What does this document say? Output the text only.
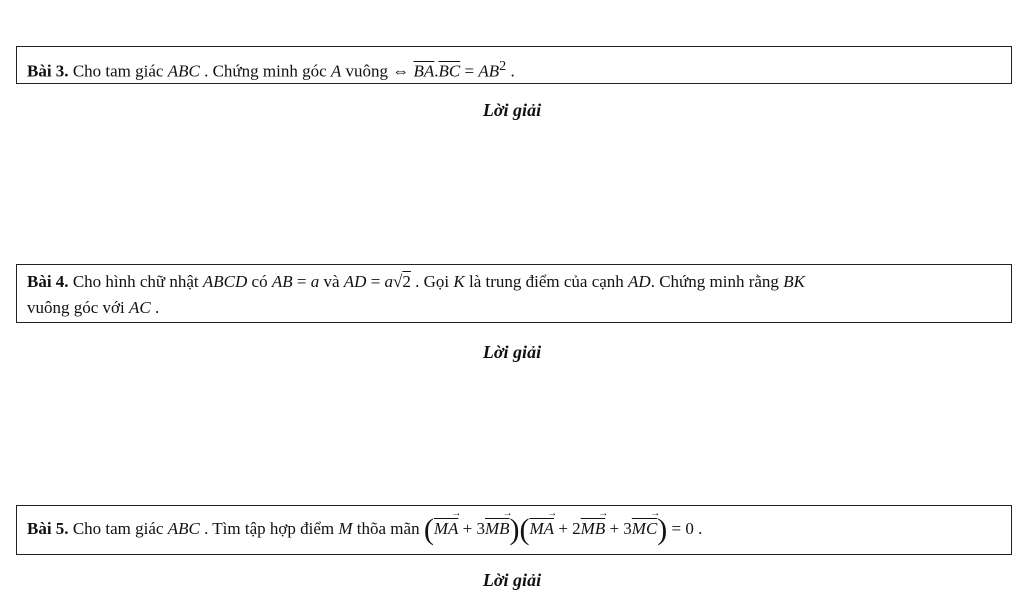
Bài 3. Cho tam giác ABC . Chứng minh góc A vuông ⇔ $\overline{BA}.\overline{BC} = AB^2$ .
Lời giải
Bài 4. Cho hình chữ nhật ABCD có AB = a và AD = a√2 . Gọi K là trung điểm của cạnh AD. Chứng minh rằng BK
vuông góc với AC .
Lời giải
Bài 5. Cho tam giác ABC . Tìm tập hợp điểm M thõa mãn ($\overline{MA}$ → + $3\overline{MB} \to)(\overline{MA}$ → + $2\overline{MB}$ → + $3\overline{MC}$ →) = 0 .
Lời giải
